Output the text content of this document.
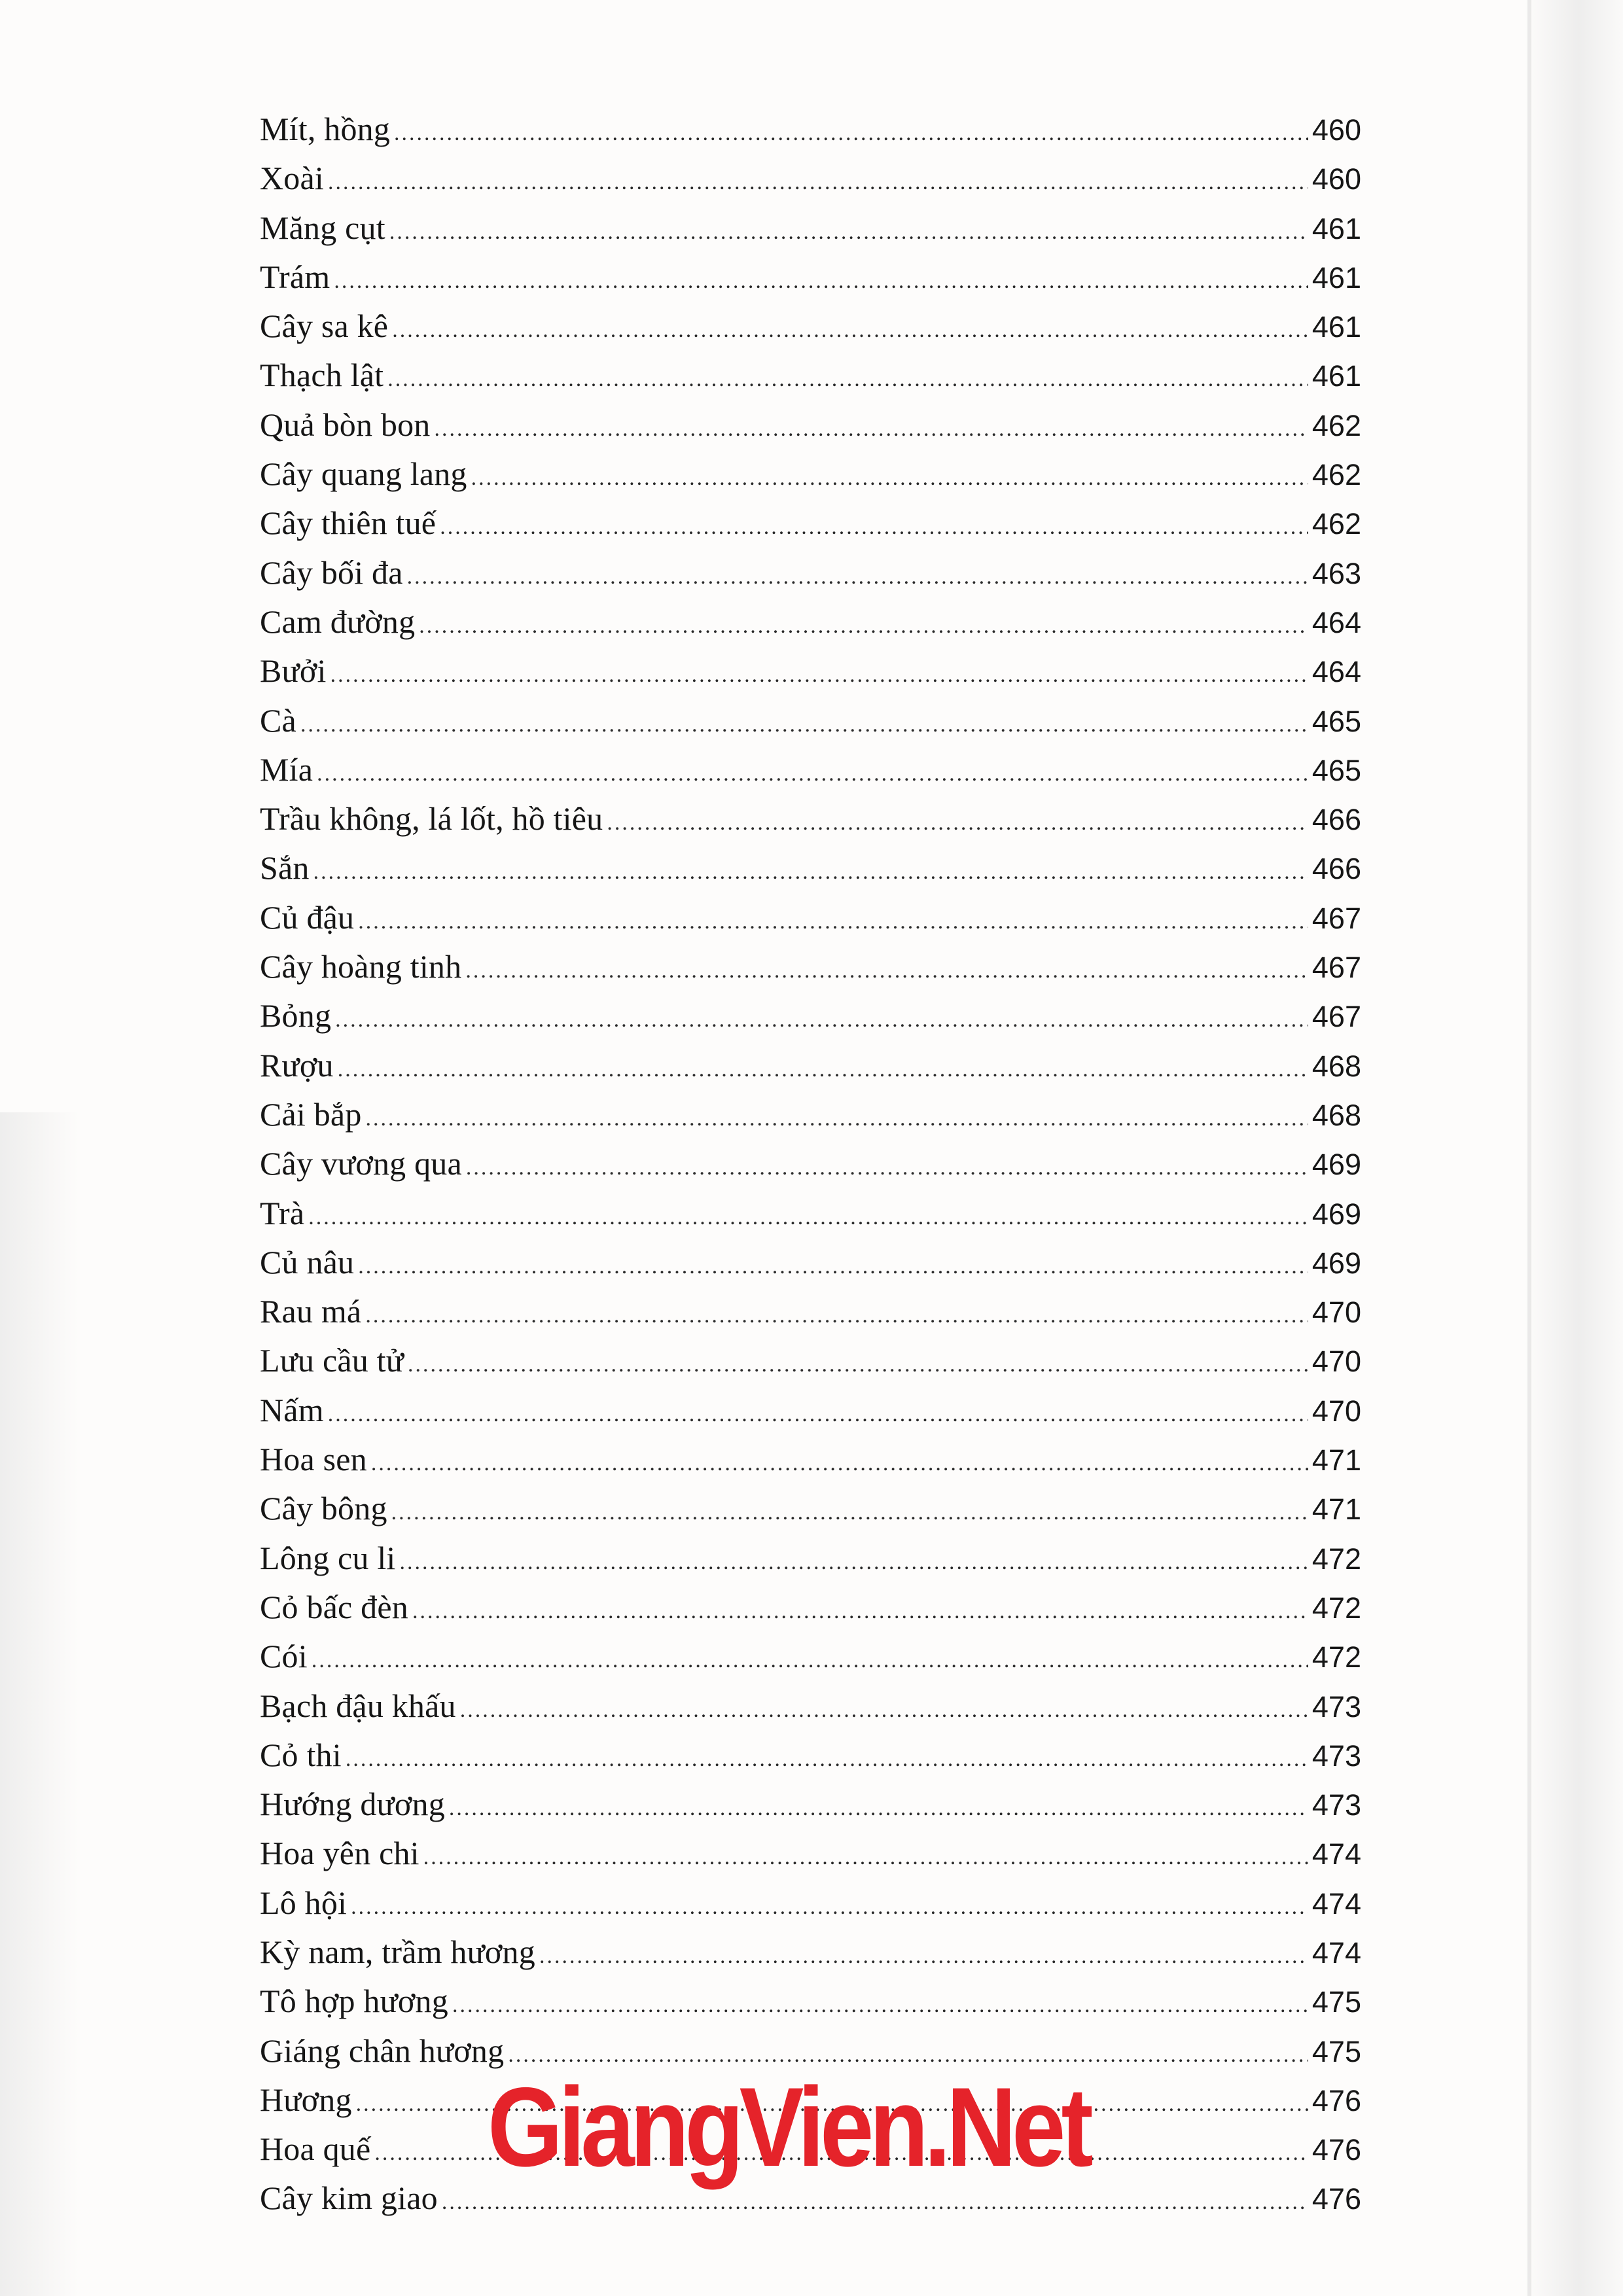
Mít, hồng .....	460
Xoài .....	460
Măng cụt .....	461
Trám .....	461
Cây sa kê .....	461
Thạch lật .....	461
Quả bòn bon .....	462
Cây quang lang .....	462
Cây thiên tuế .....	462
Cây bối đa .....	463
Cam đường .....	464
Bưởi .....	464
Cà .....	465
Mía .....	465
Trầu không, lá lốt, hồ tiêu .....	466
Sắn .....	466
Củ đậu .....	467
Cây hoàng tinh .....	467
Bỏng .....	467
Rượu .....	468
Cải bắp .....	468
Cây vương qua .....	469
Trà .....	469
Củ nâu .....	469
Rau má .....	470
Lưu cầu tử .....	470
Nấm .....	470
Hoa sen .....	471
Cây bông .....	471
Lông cu li .....	472
Cỏ bấc đèn .....	472
Cói .....	472
Bạch đậu khấu .....	473
Cỏ thi .....	473
Hướng dương .....	473
Hoa yên chi .....	474
Lô hội .....	474
Kỳ nam, trầm hương .....	474
Tô hợp hương .....	475
Giáng chân hương .....	475
Hương .....	476
Hoa quế .....	476
Cây kim giao .....	476
GiangVien.Net
